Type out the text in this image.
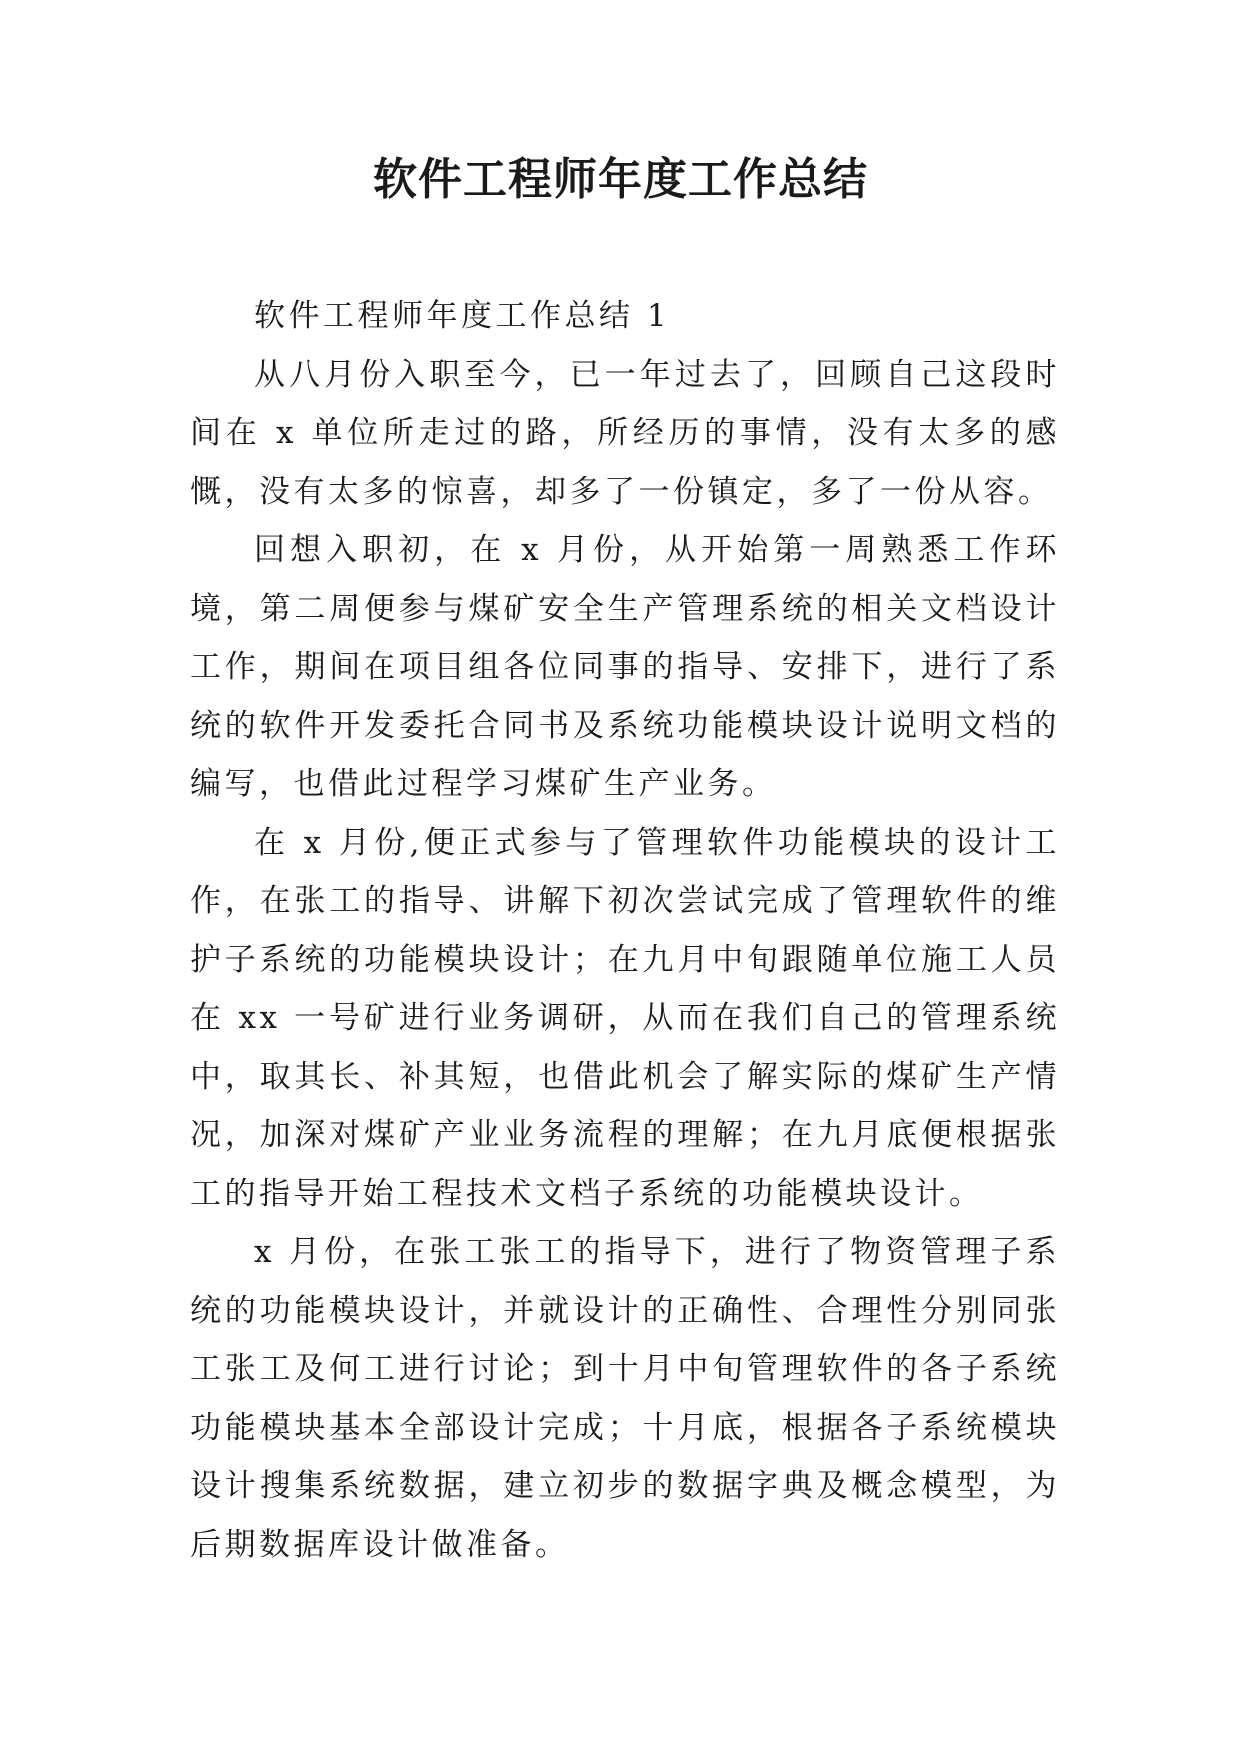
软件工程师年度工作总结

软件工程师年度工作总结 1

从八月份入职至今，已一年过去了，回顾自己这段时间在 x 单位所走过的路，所经历的事情，没有太多的感慨，没有太多的惊喜，却多了一份镇定，多了一份从容。

回想入职初，在 x 月份，从开始第一周熟悉工作环境，第二周便参与煤矿安全生产管理系统的相关文档设计工作，期间在项目组各位同事的指导、安排下，进行了系统的软件开发委托合同书及系统功能模块设计说明文档的编写，也借此过程学习煤矿生产业务。

在 x 月份,便正式参与了管理软件功能模块的设计工作，在张工的指导、讲解下初次尝试完成了管理软件的维护子系统的功能模块设计；在九月中旬跟随单位施工人员在 xx 一号矿进行业务调研，从而在我们自己的管理系统中，取其长、补其短，也借此机会了解实际的煤矿生产情况，加深对煤矿产业业务流程的理解；在九月底便根据张工的指导开始工程技术文档子系统的功能模块设计。

x 月份，在张工张工的指导下，进行了物资管理子系统的功能模块设计，并就设计的正确性、合理性分别同张工张工及何工进行讨论；到十月中旬管理软件的各子系统功能模块基本全部设计完成；十月底，根据各子系统模块设计搜集系统数据，建立初步的数据字典及概念模型，为后期数据库设计做准备。
